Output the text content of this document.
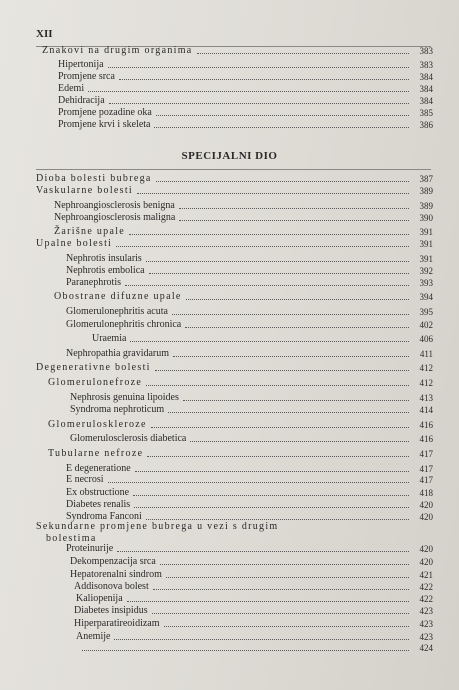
XII
Znakovi na drugim organima	383
Hipertonija	383
Promjene srca	384
Edemi	384
Dehidracija	384
Promjene pozadine oka	385
Promjene krvi i skeleta	386
SPECIJALNI DIO
Dioba bolesti bubrega	387
Vaskularne bolesti	389
Nephroangiosclerosis benigna	389
Nephroangiosclerosis maligna	390
Žarišne upale	391
Upalne bolesti	391
Nephrotis insularis	391
Nephrotis embolica	392
Paranephrotis	393
Obostrane difuzne upale	394
Glomerulonephritis acuta	395
Glomerulonephritis chronica	402
Uraemia	406
Nephropathia gravidarum	411
Degenerativne bolesti	412
Glomerulonefroze	412
Nephrosis genuina lipoides	413
Syndroma nephroticum	414
Glomeruloskleroze	416
Glomerulosclerosis diabetica	416
Tubularne nefroze	417
E degeneratione	417
E necrosi	417
Ex obstructione	418
Diabetes renalis	420
Syndroma Fanconi	420
Sekundarne promjene bubrega u vezi s drugim
bolestima
Proteinurije	420
Dekompenzacija srca	420
Hepatorenalni sindrom	421
Addisonova bolest	422
Kaliopenija	422
Diabetes insipidus	423
Hiperparatireoidizam	423
Anemije	423
424
